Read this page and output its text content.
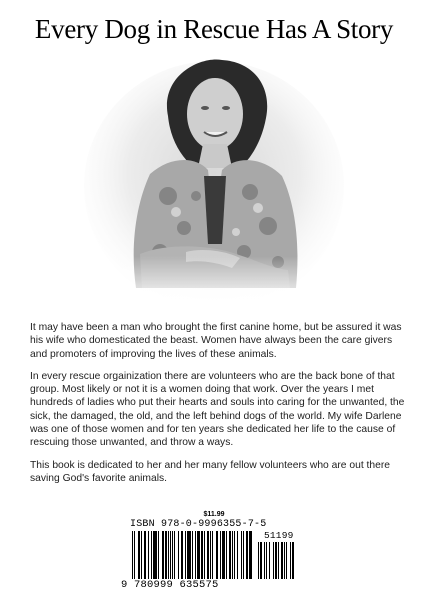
Every Dog in Rescue Has A Story

It may have been a man who brought the first canine home, but be assured it was his wife who domesticated the beast. Women have always been the care givers and promoters of improving the lives of these animals.

In every rescue orgainization there are volunteers who are the back bone of that group. Most likely or not it is a women doing that work. Over the years I met hundreds of ladies who put their hearts and souls into caring for the unwanted, the sick, the damaged, the old, and the left behind dogs of the world. My wife Darlene was one of those women and for ten years she dedicated her life to the cause of rescuing those unwanted, and throw a ways.

This book is dedicated to her and her many fellow volunteers who are out there saving God's favorite animals.

$11.99
ISBN 978-0-9996355-7-5
51199
9 780999 635575
